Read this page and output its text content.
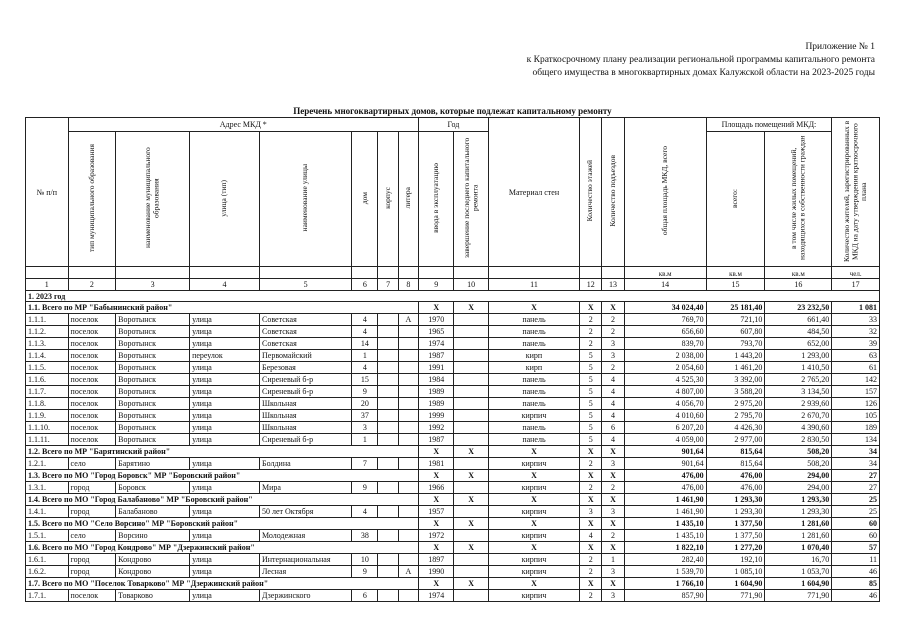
Приложение № 1
к Краткосрочному плану реализации региональной программы капитального ремонта
общего имущества в многоквартирных домах Калужской области на 2023-2025 годы
Перечень многоквартирных домов, которые подлежат капитальному ремонту
№ п/п	Адрес МКД *							Год		Материал стен	Количество этажей	Количество подъездов	общая площадь МКД, всего	Площадь помещений МКД:		Количество жителей, зарегистрированных в МКД на дату утверждения краткосрочного плана
	тип муниципального образования	наименование муниципального образования	улица (тип)	наименование улицы	дом	корпус	литера	ввода в эксплуатацию	завершение последнего капитального ремонта					всего:	в том числе жилых помещений, находящихся в собственности граждан	
													кв.м	кв.м	кв.м	чел.
1	2	3	4	5	6	7	8	9	10	11	12	13	14	15	16	17
1. 2023 год																
1.1. Всего по МР "Бабынинский район"								X	X	X	X	X	34 024,40	25 181,40	23 232,50	1 081
1.1.1.	поселок	Воротынск	улица	Советская	4		А	1970		панель	2	2	769,70	721,10	661,40	33
1.1.2.	поселок	Воротынск	улица	Советская	4			1965		панель	2	2	656,60	607,80	484,50	32
1.1.3.	поселок	Воротынск	улица	Советская	14			1974		панель	2	3	839,70	793,70	652,00	39
1.1.4.	поселок	Воротынск	переулок	Первомайский	1			1987		кирп	5	3	2 038,00	1 443,20	1 293,00	63
1.1.5.	поселок	Воротынск	улица	Березовая	4			1991		кирп	5	2	2 054,60	1 461,20	1 410,50	61
1.1.6.	поселок	Воротынск	улица	Сиреневый б-р	15			1984		панель	5	4	4 525,30	3 392,00	2 765,20	142
1.1.7.	поселок	Воротынск	улица	Сиреневый б-р	9			1989		панель	5	4	4 807,00	3 588,20	3 134,50	157
1.1.8.	поселок	Воротынск	улица	Школьная	20			1989		панель	5	4	4 056,70	2 975,20	2 939,60	126
1.1.9.	поселок	Воротынск	улица	Школьная	37			1999		кирпич	5	4	4 010,60	2 795,70	2 670,70	105
1.1.10.	поселок	Воротынск	улица	Школьная	3			1992		панель	5	6	6 207,20	4 426,30	4 390,60	189
1.1.11.	поселок	Воротынск	улица	Сиреневый б-р	1			1987		панель	5	4	4 059,00	2 977,00	2 830,50	134
1.2. Всего по МР "Барятинский район"								X	X	X	X	X	901,64	815,64	508,20	34
1.2.1.	село	Барятино	улица	Болдина	7			1981		кирпич	2	3	901,64	815,64	508,20	34
1.3. Всего по МО "Город Боровск" МР "Боровский район"								X	X	X	X	X	476,00	476,00	294,00	27
1.3.1.	город	Боровск	улица	Мира	9			1966		кирпич	2	2	476,00	476,00	294,00	27
1.4. Всего по МО "Город Балабаново" МР "Боровский район"								X	X	X	X	X	1 461,90	1 293,30	1 293,30	25
1.4.1.	город	Балабаново	улица	50 лет Октября	4			1957		кирпич	3	3	1 461,90	1 293,30	1 293,30	25
1.5. Всего по МО "Село Ворсино" МР "Боровский район"								X	X	X	X	X	1 435,10	1 377,50	1 281,60	60
1.5.1.	село	Ворсино	улица	Молодежная	38			1972		кирпич	4	2	1 435,10	1 377,50	1 281,60	60
1.6. Всего по МО "Город Кондрово" МР "Дзержинский район"								X	X	X	X	X	1 822,10	1 277,20	1 070,40	57
1.6.1.	город	Кондрово	улица	Интернациональная	10			1897		кирпич	2	1	282,40	192,10	16,70	11
1.6.2.	город	Кондрово	улица	Лесная	9		А	1990		кирпич	2	3	1 539,70	1 085,10	1 053,70	46
1.7. Всего по МО "Поселок Товарково" МР "Дзержинский район"								X	X	X	X	X	1 766,10	1 604,90	1 604,90	85
1.7.1.	поселок	Товарково	улица	Дзержинского	6			1974		кирпич	2	3	857,90	771,90	771,90	46
